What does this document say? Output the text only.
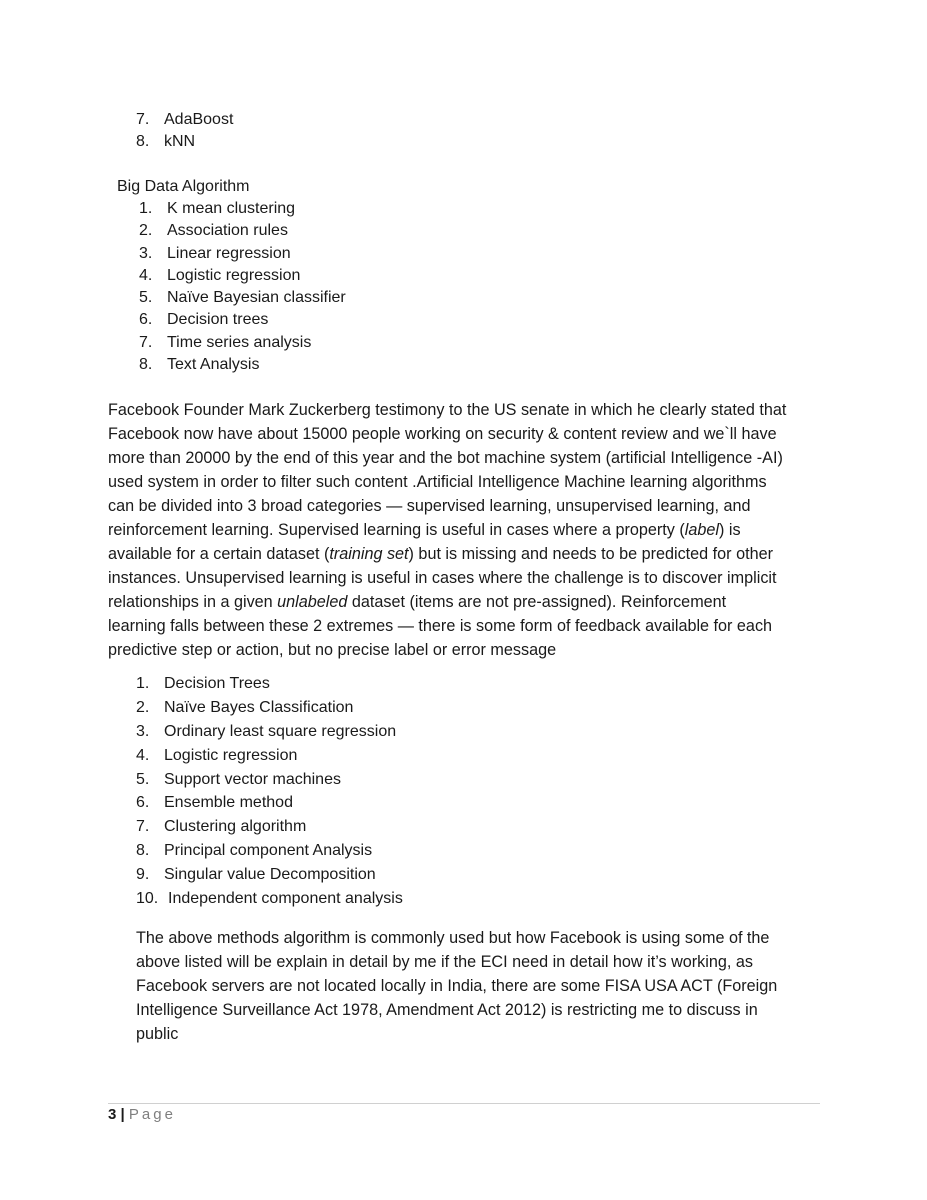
7. AdaBoost
8. kNN

Big Data Algorithm

1. K mean clustering
2. Association rules
3. Linear regression
4. Logistic regression
5. Naïve Bayesian classifier
6. Decision trees
7. Time series analysis
8. Text Analysis

Facebook Founder Mark Zuckerberg testimony to the US senate in which he clearly stated that
Facebook now have about 15000 people working on security & content review and we`ll have
more than 20000 by the end of this year and the bot machine system (artificial Intelligence -AI)
used system in order to filter such content .Artificial Intelligence Machine learning algorithms
can be divided into 3 broad categories — supervised learning, unsupervised learning, and
reinforcement learning. Supervised learning is useful in cases where a property (label) is
available for a certain dataset (training set) but is missing and needs to be predicted for other
instances. Unsupervised learning is useful in cases where the challenge is to discover implicit
relationships in a given unlabeled dataset (items are not pre-assigned). Reinforcement
learning falls between these 2 extremes — there is some form of feedback available for each
predictive step or action, but no precise label or error message

1. Decision Trees
2. Naïve Bayes Classification
3. Ordinary least square regression
4. Logistic regression
5. Support vector machines
6. Ensemble method
7. Clustering algorithm
8. Principal component Analysis
9. Singular value Decomposition
10. Independent component analysis

The above methods algorithm is commonly used but how Facebook is using some of the
above listed will be explain in detail by me if the ECI need in detail how it’s working, as
Facebook servers are not located locally in India, there are some FISA USA ACT (Foreign
Intelligence Surveillance Act 1978, Amendment Act 2012) is restricting me to discuss in
public

3 | Page
